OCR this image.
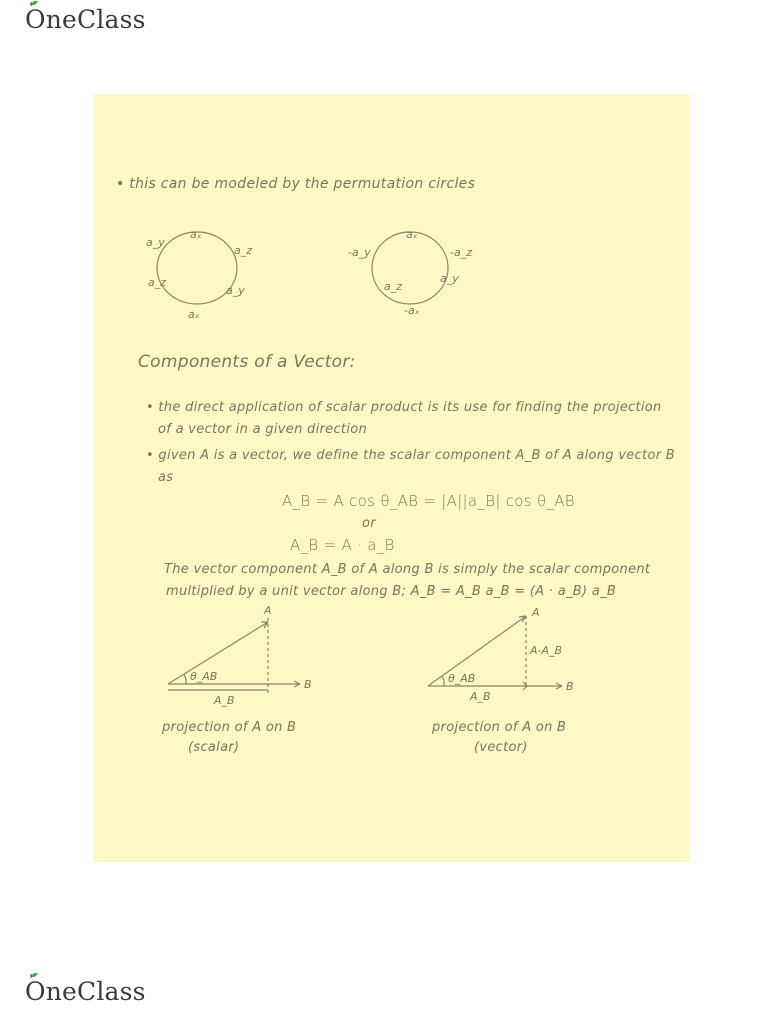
O neClass
• this can be modeled by the permutation circles
aₓ
a_z
a_y
a_z
a_y
aₓ
aₓ
-a_z
a_y
a_z
-a_y
-aₓ
Components of a Vector:
• the direct application of scalar product is its use for finding the projection
of a vector in a given direction
• given A is a vector, we define the scalar component A_B of A along vector B
as
A_B = A cos θ_AB = |A||a_B| cos θ_AB
or
A_B = A · a_B
The vector component A_B of A along B is simply the scalar component
multiplied by a unit vector along B; A_B = A_B a_B = (A · a_B) a_B
A
B
θ_AB
A_B
A
B
θ_AB
A_B
A-A_B
projection of A on B
(scalar)
projection of A on B
(vector)
O neClass
